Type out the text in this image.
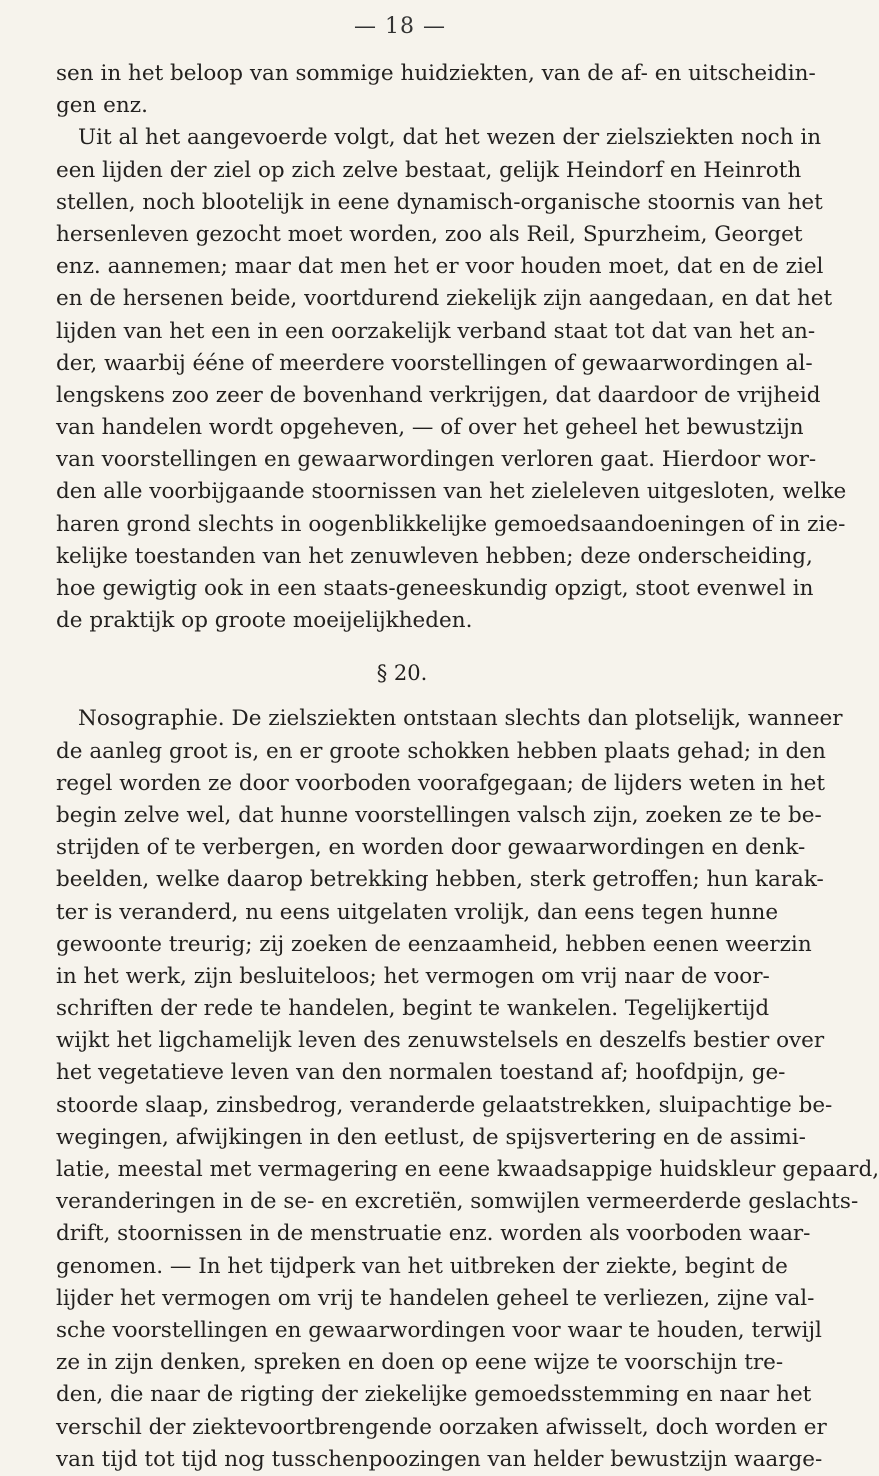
— 18 —
sen in het beloop van sommige huidziekten, van de af- en uitscheidin-
gen enz.
Uit al het aangevoerde volgt, dat het wezen der zielsziekten noch in
een lijden der ziel op zich zelve bestaat, gelijk Heindorf en Heinroth
stellen, noch blootelijk in eene dynamisch-organische stoornis van het
hersenleven gezocht moet worden, zoo als Reil, Spurzheim, Georget
enz. aannemen; maar dat men het er voor houden moet, dat en de ziel
en de hersenen beide, voortdurend ziekelijk zijn aangedaan, en dat het
lijden van het een in een oorzakelijk verband staat tot dat van het an-
der, waarbij ééne of meerdere voorstellingen of gewaarwordingen al-
lengskens zoo zeer de bovenhand verkrijgen, dat daardoor de vrijheid
van handelen wordt opgeheven, — of over het geheel het bewustzijn
van voorstellingen en gewaarwordingen verloren gaat. Hierdoor wor-
den alle voorbijgaande stoornissen van het zieleleven uitgesloten, welke
haren grond slechts in oogenblikkelijke gemoedsaandoeningen of in zie-
kelijke toestanden van het zenuwleven hebben; deze onderscheiding,
hoe gewigtig ook in een staats-geneeskundig opzigt, stoot evenwel in
de praktijk op groote moeijelijkheden.
§ 20.
Nosographie. De zielsziekten ontstaan slechts dan plotselijk, wanneer
de aanleg groot is, en er groote schokken hebben plaats gehad; in den
regel worden ze door voorboden voorafgegaan; de lijders weten in het
begin zelve wel, dat hunne voorstellingen valsch zijn, zoeken ze te be-
strijden of te verbergen, en worden door gewaarwordingen en denk-
beelden, welke daarop betrekking hebben, sterk getroffen; hun karak-
ter is veranderd, nu eens uitgelaten vrolijk, dan eens tegen hunne
gewoonte treurig; zij zoeken de eenzaamheid, hebben eenen weerzin
in het werk, zijn besluiteloos; het vermogen om vrij naar de voor-
schriften der rede te handelen, begint te wankelen. Tegelijkertijd
wijkt het ligchamelijk leven des zenuwstelsels en deszelfs bestier over
het vegetatieve leven van den normalen toestand af; hoofdpijn, ge-
stoorde slaap, zinsbedrog, veranderde gelaatstrekken, sluipachtige be-
wegingen, afwijkingen in den eetlust, de spijsvertering en de assimi-
latie, meestal met vermagering en eene kwaadsappige huidskleur gepaard,
veranderingen in de se- en excretiën, somwijlen vermeerderde geslachts-
drift, stoornissen in de menstruatie enz. worden als voorboden waar-
genomen. — In het tijdperk van het uitbreken der ziekte, begint de
lijder het vermogen om vrij te handelen geheel te verliezen, zijne val-
sche voorstellingen en gewaarwordingen voor waar te houden, terwijl
ze in zijn denken, spreken en doen op eene wijze te voorschijn tre-
den, die naar de rigting der ziekelijke gemoedsstemming en naar het
verschil der ziektevoortbrengende oorzaken afwisselt, doch worden er
van tijd tot tijd nog tusschenpoozingen van helder bewustzijn waarge-
